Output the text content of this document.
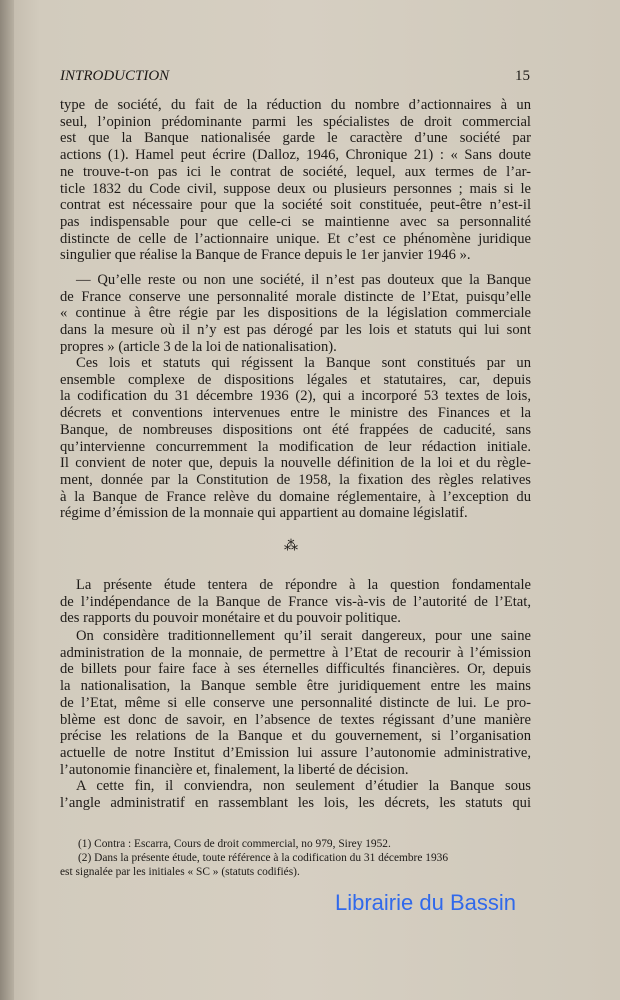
INTRODUCTION	15
type de société, du fait de la réduction du nombre d’actionnaires à un
seul, l’opinion prédominante parmi les spécialistes de droit commercial
est que la Banque nationalisée garde le caractère d’une société par
actions (1). Hamel peut écrire (Dalloz, 1946, Chronique 21) : « Sans doute
ne trouve-t-on pas ici le contrat de société, lequel, aux termes de l’ar-
ticle 1832 du Code civil, suppose deux ou plusieurs personnes ; mais si le
contrat est nécessaire pour que la société soit constituée, peut-être n’est-il
pas indispensable pour que celle-ci se maintienne avec sa personnalité
distincte de celle de l’actionnaire unique. Et c’est ce phénomène juridique
singulier que réalise la Banque de France depuis le 1er janvier 1946 ».
— Qu’elle reste ou non une société, il n’est pas douteux que la Banque
de France conserve une personnalité morale distincte de l’Etat, puisqu’elle
« continue à être régie par les dispositions de la législation commerciale
dans la mesure où il n’y est pas dérogé par les lois et statuts qui lui sont
propres » (article 3 de la loi de nationalisation).
Ces lois et statuts qui régissent la Banque sont constitués par un
ensemble complexe de dispositions légales et statutaires, car, depuis
la codification du 31 décembre 1936 (2), qui a incorporé 53 textes de lois,
décrets et conventions intervenues entre le ministre des Finances et la
Banque, de nombreuses dispositions ont été frappées de caducité, sans
qu’intervienne concurremment la modification de leur rédaction initiale.
Il convient de noter que, depuis la nouvelle définition de la loi et du règle-
ment, donnée par la Constitution de 1958, la fixation des règles relatives
à la Banque de France relève du domaine réglementaire, à l’exception du
régime d’émission de la monnaie qui appartient au domaine législatif.
La présente étude tentera de répondre à la question fondamentale
de l’indépendance de la Banque de France vis-à-vis de l’autorité de l’Etat,
des rapports du pouvoir monétaire et du pouvoir politique.
On considère traditionnellement qu’il serait dangereux, pour une saine
administration de la monnaie, de permettre à l’Etat de recourir à l’émission
de billets pour faire face à ses éternelles difficultés financières. Or, depuis
la nationalisation, la Banque semble être juridiquement entre les mains
de l’Etat, même si elle conserve une personnalité distincte de lui. Le pro-
blème est donc de savoir, en l’absence de textes régissant d’une manière
précise les relations de la Banque et du gouvernement, si l’organisation
actuelle de notre Institut d’Emission lui assure l’autonomie administrative,
l’autonomie financière et, finalement, la liberté de décision.
A cette fin, il conviendra, non seulement d’étudier la Banque sous
l’angle administratif en rassemblant les lois, les décrets, les statuts qui
⁂
(1) Contra : Escarra, Cours de droit commercial, no 979, Sirey 1952.
(2) Dans la présente étude, toute référence à la codification du 31 décembre 1936
est signalée par les initiales « SC » (statuts codifiés).
Librairie du Bassin
